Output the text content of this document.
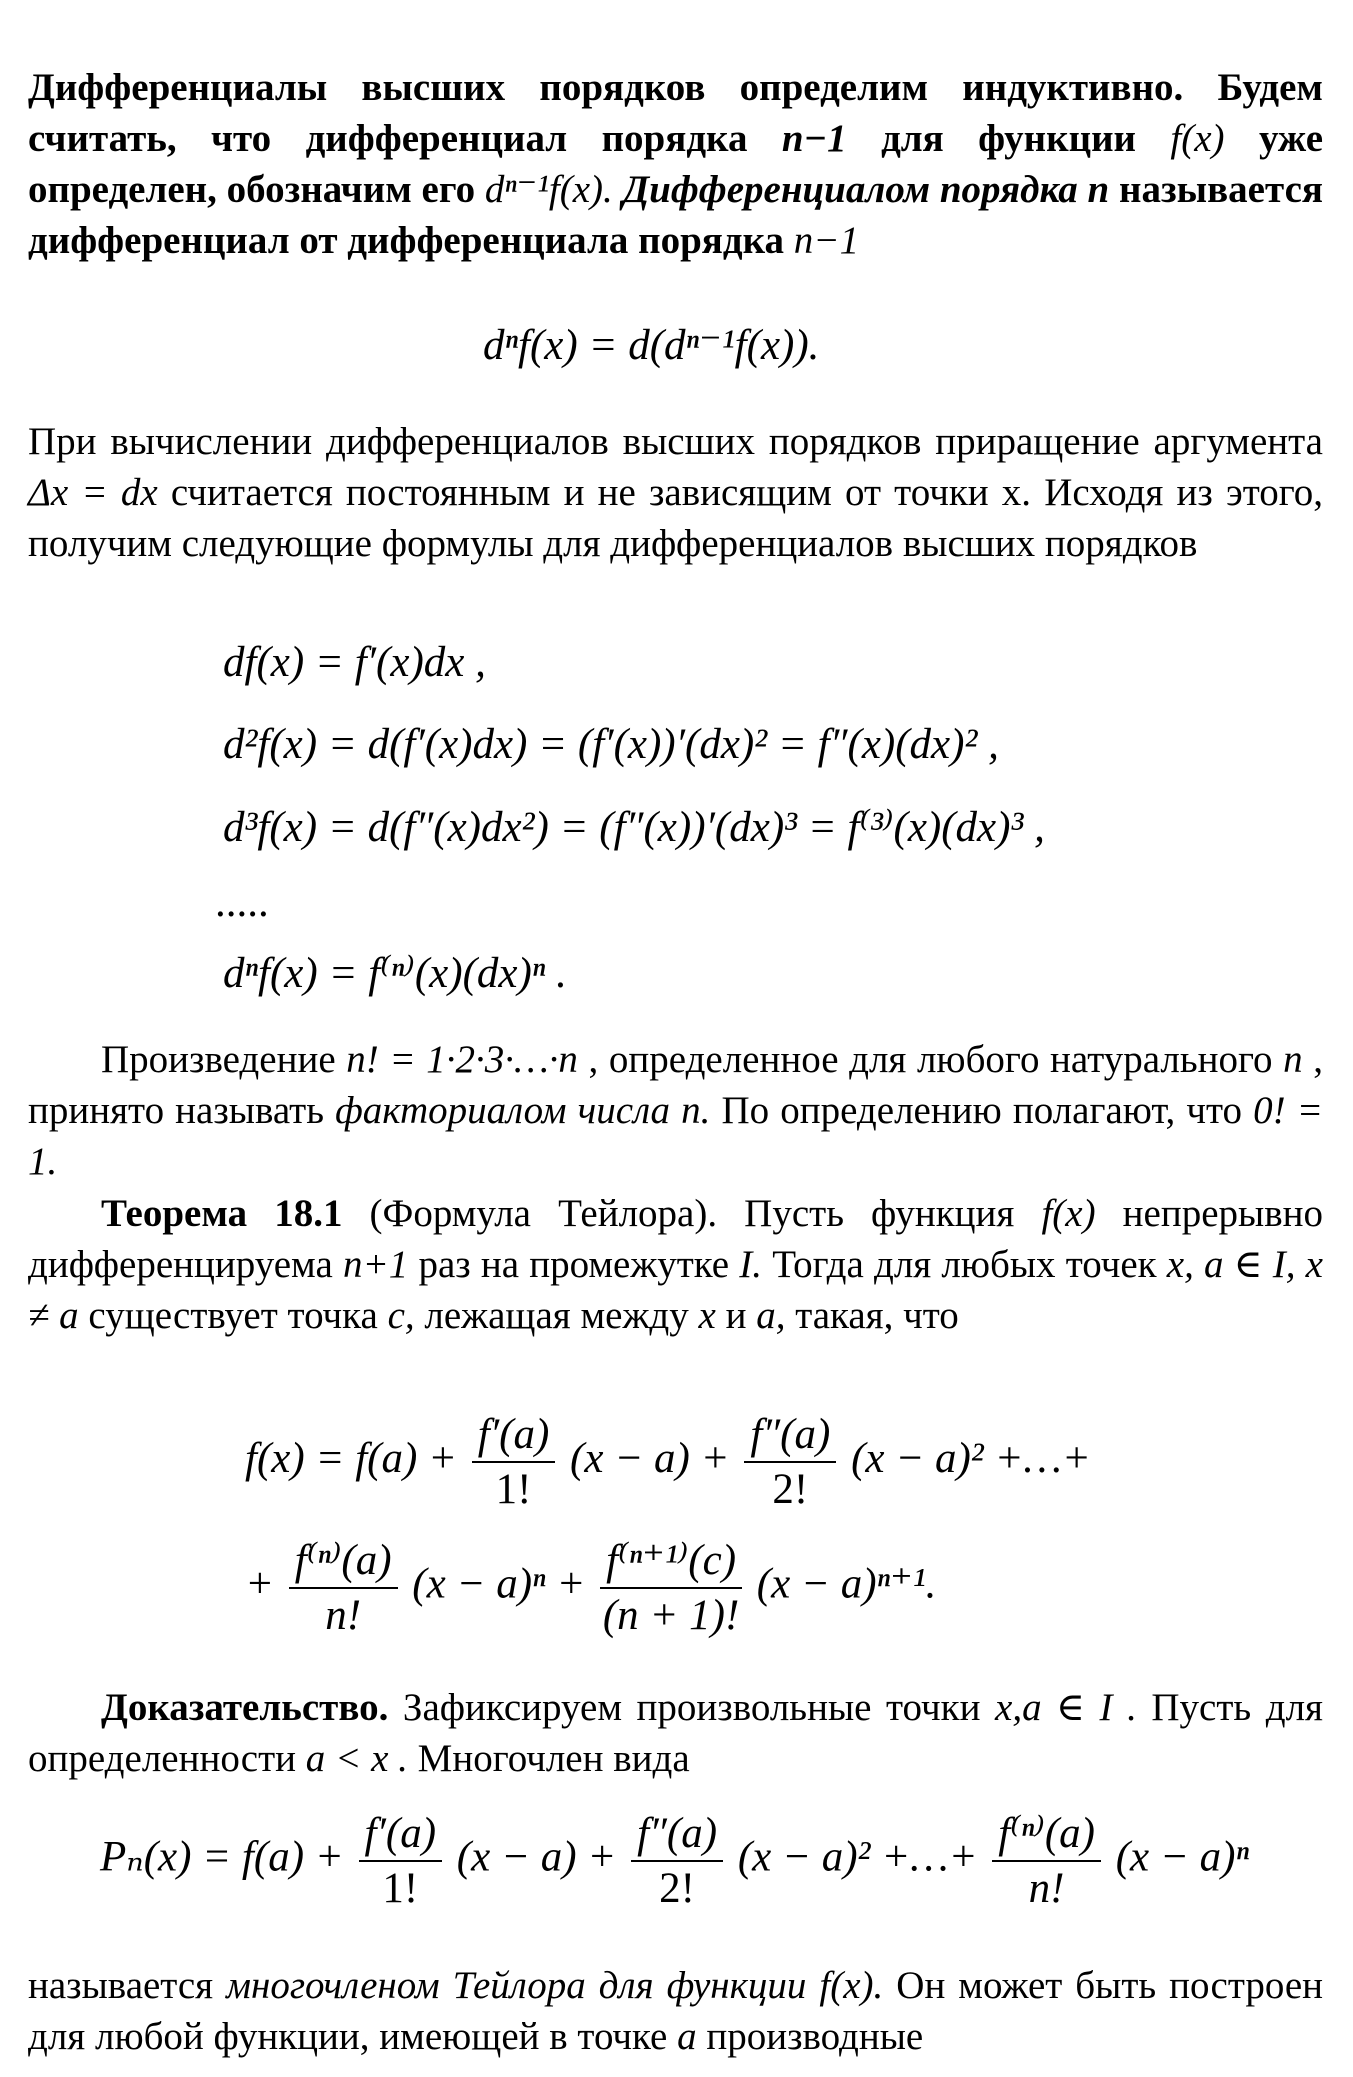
Дифференциалы высших порядков определим индуктивно. Будем считать, что дифференциал порядка n−1 для функции f(x) уже определен, обозначим его dⁿ⁻¹f(x). Дифференциалом порядка n называется дифференциал от дифференциала порядка n−1

dⁿf(x) = d(dⁿ⁻¹f(x)).

При вычислении дифференциалов высших порядков приращение аргумента Δx = dx считается постоянным и не зависящим от точки x. Исходя из этого, получим следующие формулы для дифференциалов высших порядков

df(x) = f′(x)dx ,
d²f(x) = d(f′(x)dx) = (f′(x))′(dx)² = f″(x)(dx)² ,
d³f(x) = d(f″(x)dx²) = (f″(x))′(dx)³ = f⁽³⁾(x)(dx)³ ,
.....
dⁿf(x) = f⁽ⁿ⁾(x)(dx)ⁿ .

Произведение n! = 1·2·3·…·n , определенное для любого натурального n , принято называть факториалом числа n. По определению полагают, что 0! = 1.

Теорема 18.1 (Формула Тейлора). Пусть функция f(x) непрерывно дифференцируема n+1 раз на промежутке I. Тогда для любых точек x, a ∈ I, x ≠ a существует точка c, лежащая между x и a, такая, что

$f(x) = f(a) + \frac{f'(a)}{1!} (x - a) + \frac{f''(a)}{2!} (x - a)^2$ +…+
+ $\frac{\text{f⁽ⁿ⁾(a)}}{n!} (x - a)^n + \frac{\text{f⁽ⁿ⁺¹⁾(c)}}{(n + 1)!} (x - a)^{n+1}$.

Доказательство. Зафиксируем произвольные точки x,a ∈ I . Пусть для определенности a < x . Многочлен вида

$P_n(x) = f(a) + \frac{f'(a)}{1!} (x - a) + \frac{f''(a)}{2!} (x - a)^2$ +…+ $\frac{\text{f⁽ⁿ⁾(a)}}{n!} (x - a)^n$

называется многочленом Тейлора для функции f(x). Он может быть построен для любой функции, имеющей в точке a производные
